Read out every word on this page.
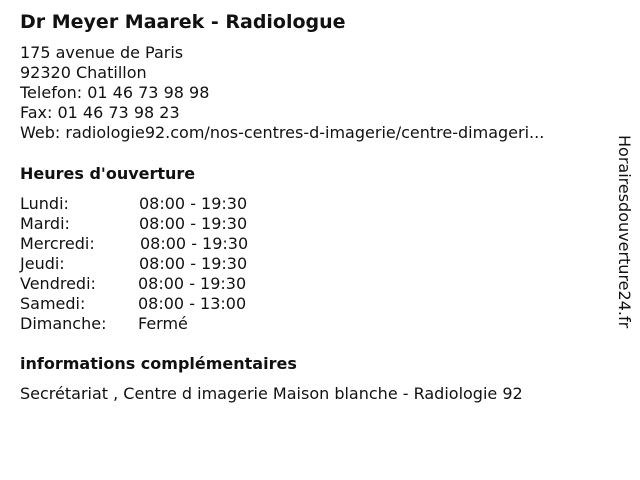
Dr Meyer Maarek - Radiologue
175 avenue de Paris
92320 Chatillon
Telefon: 01 46 73 98 98
Fax: 01 46 73 98 23
Web: radiologie92.com/nos-centres-d-imagerie/centre-dimageri...
Heures d'ouverture
Lundi:	08:00 - 19:30
Mardi:	08:00 - 19:30
Mercredi:	08:00 - 19:30
Jeudi:	08:00 - 19:30
Vendredi:	08:00 - 19:30
Samedi:	08:00 - 13:00
Dimanche:	Fermé
informations complémentaires
Secrétariat , Centre d imagerie Maison blanche - Radiologie 92
Horairesdouverture24.fr
